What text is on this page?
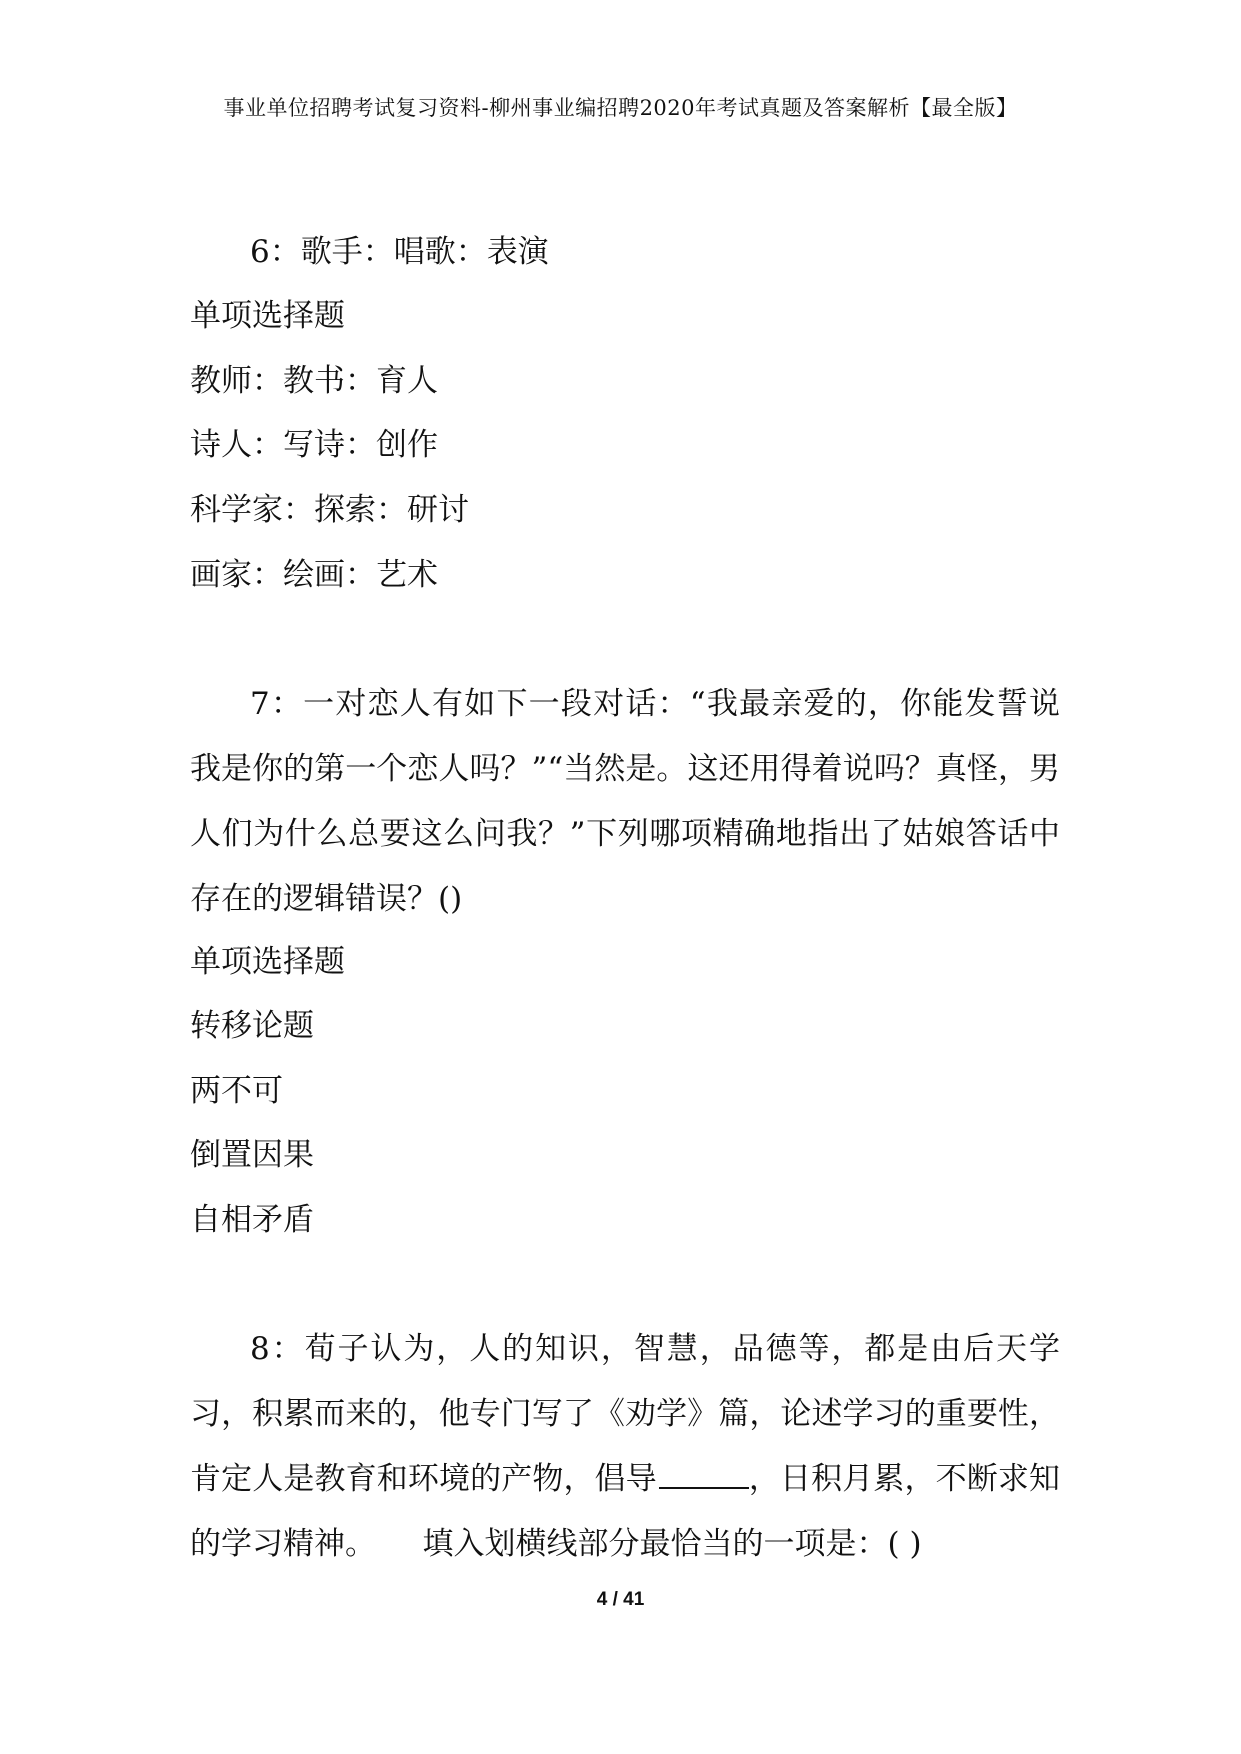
事业单位招聘考试复习资料-柳州事业编招聘2020年考试真题及答案解析【最全版】
6：歌手：唱歌：表演
单项选择题
教师：教书：育人
诗人：写诗：创作
科学家：探索：研讨
画家：绘画：艺术
7：一对恋人有如下一段对话：“我最亲爱的，你能发誓说我是你的第一个恋人吗？”“当然是。这还用得着说吗？真怪，男人们为什么总要这么问我？”下列哪项精确地指出了姑娘答话中存在的逻辑错误？()
单项选择题
转移论题
两不可
倒置因果
自相矛盾
8：荀子认为，人的知识，智慧，品德等，都是由后天学习，积累而来的，他专门写了《劝学》篇，论述学习的重要性，肯定人是教育和环境的产物，倡导	，日积月累，不断求知的学习精神。　　填入划横线部分最恰当的一项是：( )
4 / 41
